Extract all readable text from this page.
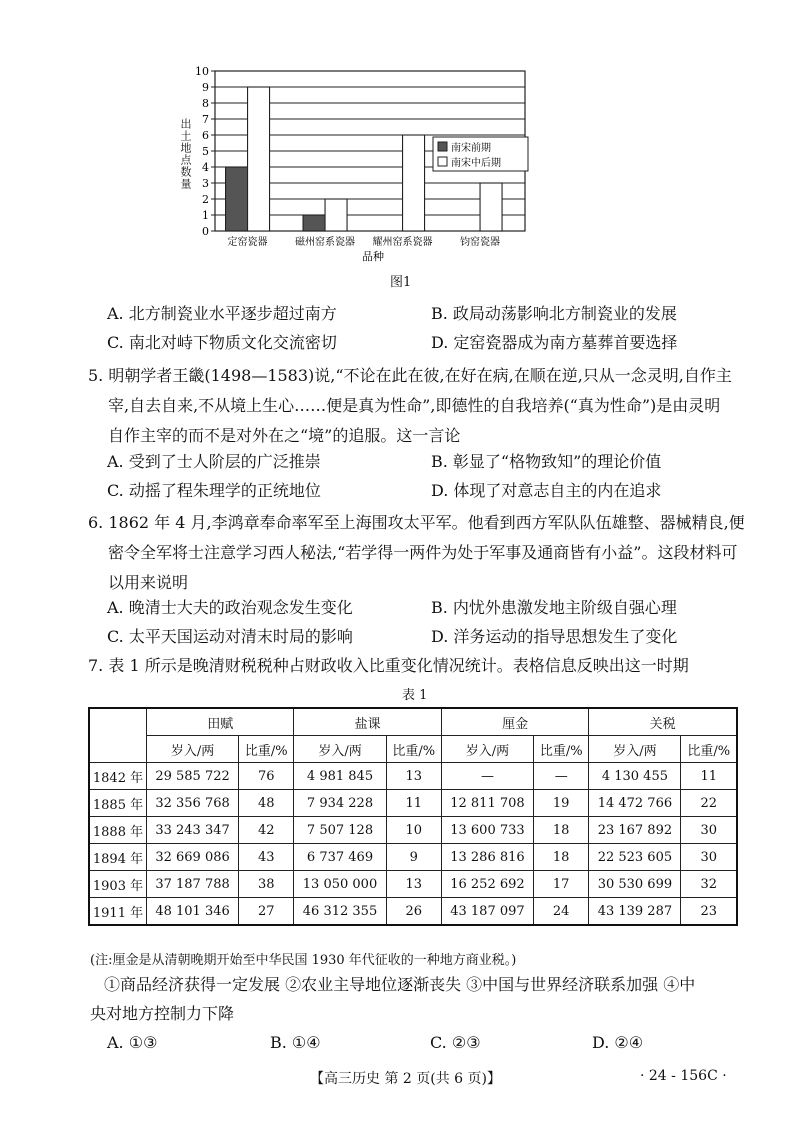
0
1
2
3
4
5
6
7
8
9
10
定窑瓷器	磁州窑系瓷器 耀州窑系瓷器	钧窑瓷器
品种
南宋前期
南宋中后期
出土地点数量
图1
A. 北方制瓷业水平逐步超过南方	B. 政局动荡影响北方制瓷业的发展
C. 南北对峙下物质文化交流密切	D. 定窑瓷器成为南方墓葬首要选择
5. 明朝学者王畿(1498—1583)说,“不论在此在彼,在好在病,在顺在逆,只从一念灵明,自作主
宰,自去自来,不从境上生心……便是真为性命”,即德性的自我培养(“真为性命”)是由灵明
自作主宰的而不是对外在之“境”的追服。这一言论
A. 受到了士人阶层的广泛推崇	B. 彰显了“格物致知”的理论价值
C. 动摇了程朱理学的正统地位	D. 体现了对意志自主的内在追求
6. 1862 年 4 月,李鸿章奉命率军至上海围攻太平军。他看到西方军队队伍雄整、器械精良,便
密令全军将士注意学习西人秘法,“若学得一两件为处于军事及通商皆有小益”。这段材料可
以用来说明
A. 晚清士大夫的政治观念发生变化	B. 内忧外患激发地主阶级自强心理
C. 太平天国运动对清末时局的影响	D. 洋务运动的指导思想发生了变化
7. 表 1 所示是晚清财税税种占财政收入比重变化情况统计。表格信息反映出这一时期
表 1
	田赋		盐课		厘金		关税	
	岁入/两	比重/%	岁入/两	比重/%	岁入/两	比重/%	岁入/两	比重/%
1842 年	29 585 722	76	4 981 845	13	—	—	4 130 455	11
1885 年	32 356 768	48	7 934 228	11	12 811 708	19	14 472 766	22
1888 年	33 243 347	42	7 507 128	10	13 600 733	18	23 167 892	30
1894 年	32 669 086	43	6 737 469	9	13 286 816	18	22 523 605	30
1903 年	37 187 788	38	13 050 000	13	16 252 692	17	30 530 699	32
1911 年	48 101 346	27	46 312 355	26	43 187 097	24	43 139 287	23
(注:厘金是从清朝晚期开始至中华民国 1930 年代征收的一种地方商业税。)
①商品经济获得一定发展 ②农业主导地位逐渐丧失 ③中国与世界经济联系加强 ④中
央对地方控制力下降
A. ①③	B. ①④	C. ②③	D. ②④
【高三历史 第 2 页(共 6 页)】	· 24 - 156C ·
